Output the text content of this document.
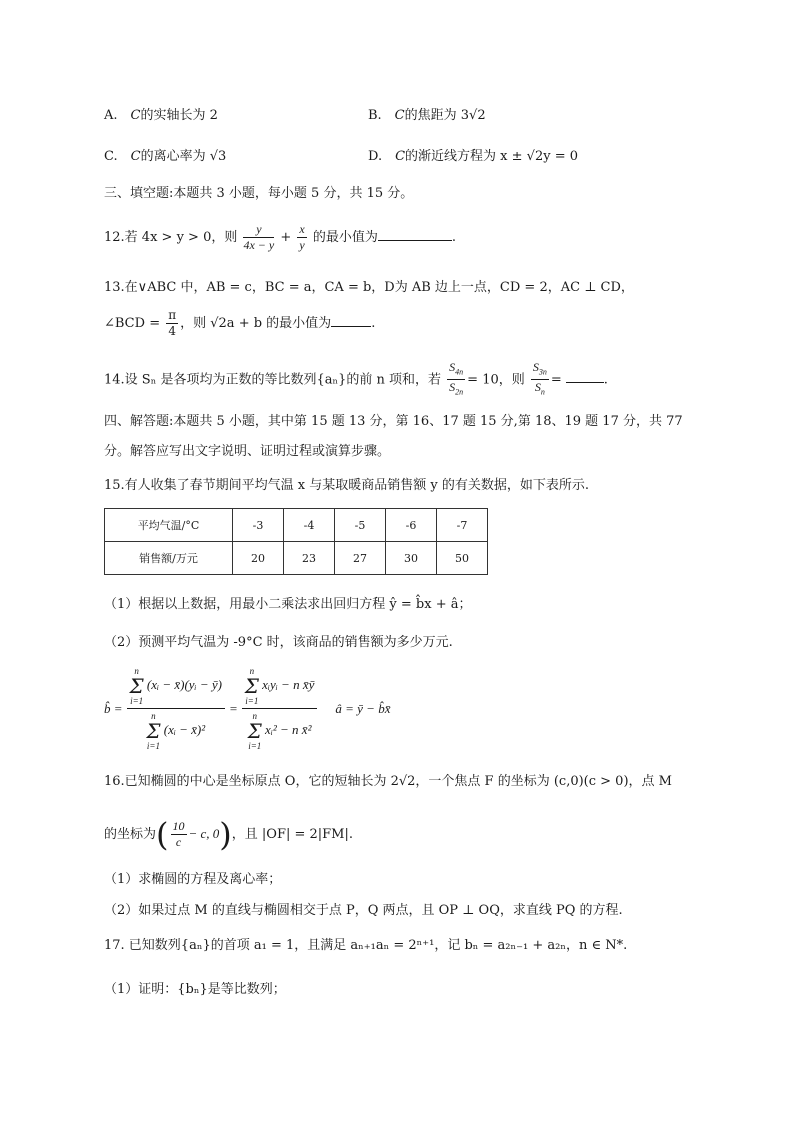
A.　𝐶的实轴长为 2	B.　𝐶的焦距为 3√2
C.　𝐶的离心率为 √3	D.　𝐶的渐近线方程为 x ± √2y = 0
三、填空题:本题共 3 小题，每小题 5 分，共 15 分。
12.若 4x > y > 0，则 $\frac{y}{4x - y} + \frac{x}{y}$ 的最小值为	.
13.在∨ABC 中，AB = c，BC = a，CA = b，D为 AB 边上一点，CD = 2，AC ⊥ CD，
∠BCD = $\frac{\pi}{4}$ ，则 √2a + b 的最小值为	.
14.设 Sₙ 是各项均为正数的等比数列{aₙ}的前 n 项和，若 $\frac{S_{4n}}{S_{2n}} = 10$，则 $\frac{S_{3n}}{S_n}$ =	.
四、解答题:本题共 5 小题，其中第 15 题 13 分，第 16、17 题 15 分,第 18、19 题 17 分，共 77
分。解答应写出文字说明、证明过程或演算步骤。
15.有人收集了春节期间平均气温 x 与某取暖商品销售额 y 的有关数据，如下表所示.
平均气温/°C	-3	-4	-5	-6	-7
销售额/万元	20	23	27	30	50
（1）根据以上数据，用最小二乘法求出回归方程 ŷ = b̂x + â；
（2）预测平均气温为 -9°C 时，该商品的销售额为多少万元.
b̂ = n
Σ
i=1
(xᵢ − x̄)(yᵢ − ȳ)
n
Σ
i=1
(xᵢ − x̄)² = n
Σ
i=1
xᵢyᵢ − n x̄ȳ
n
Σ
i=1
xᵢ² − n x̄² â = ȳ − b̂x̄
16.已知椭圆的中心是坐标原点 O，它的短轴长为 2√2，一个焦点 F 的坐标为 (c,0)(c > 0)，点 M
的坐标为( $\frac{10}{c} - c$, 0)，且 |OF| = 2|FM|.
（1）求椭圆的方程及离心率；
（2）如果过点 M 的直线与椭圆相交于点 P，Q 两点，且 OP ⊥ OQ，求直线 PQ 的方程.
17. 已知数列{aₙ}的首项 a₁ = 1，且满足 aₙ₊₁aₙ = 2ⁿ⁺¹，记 bₙ = a₂ₙ₋₁ + a₂ₙ，n ∈ N*.
（1）证明：{bₙ}是等比数列；
